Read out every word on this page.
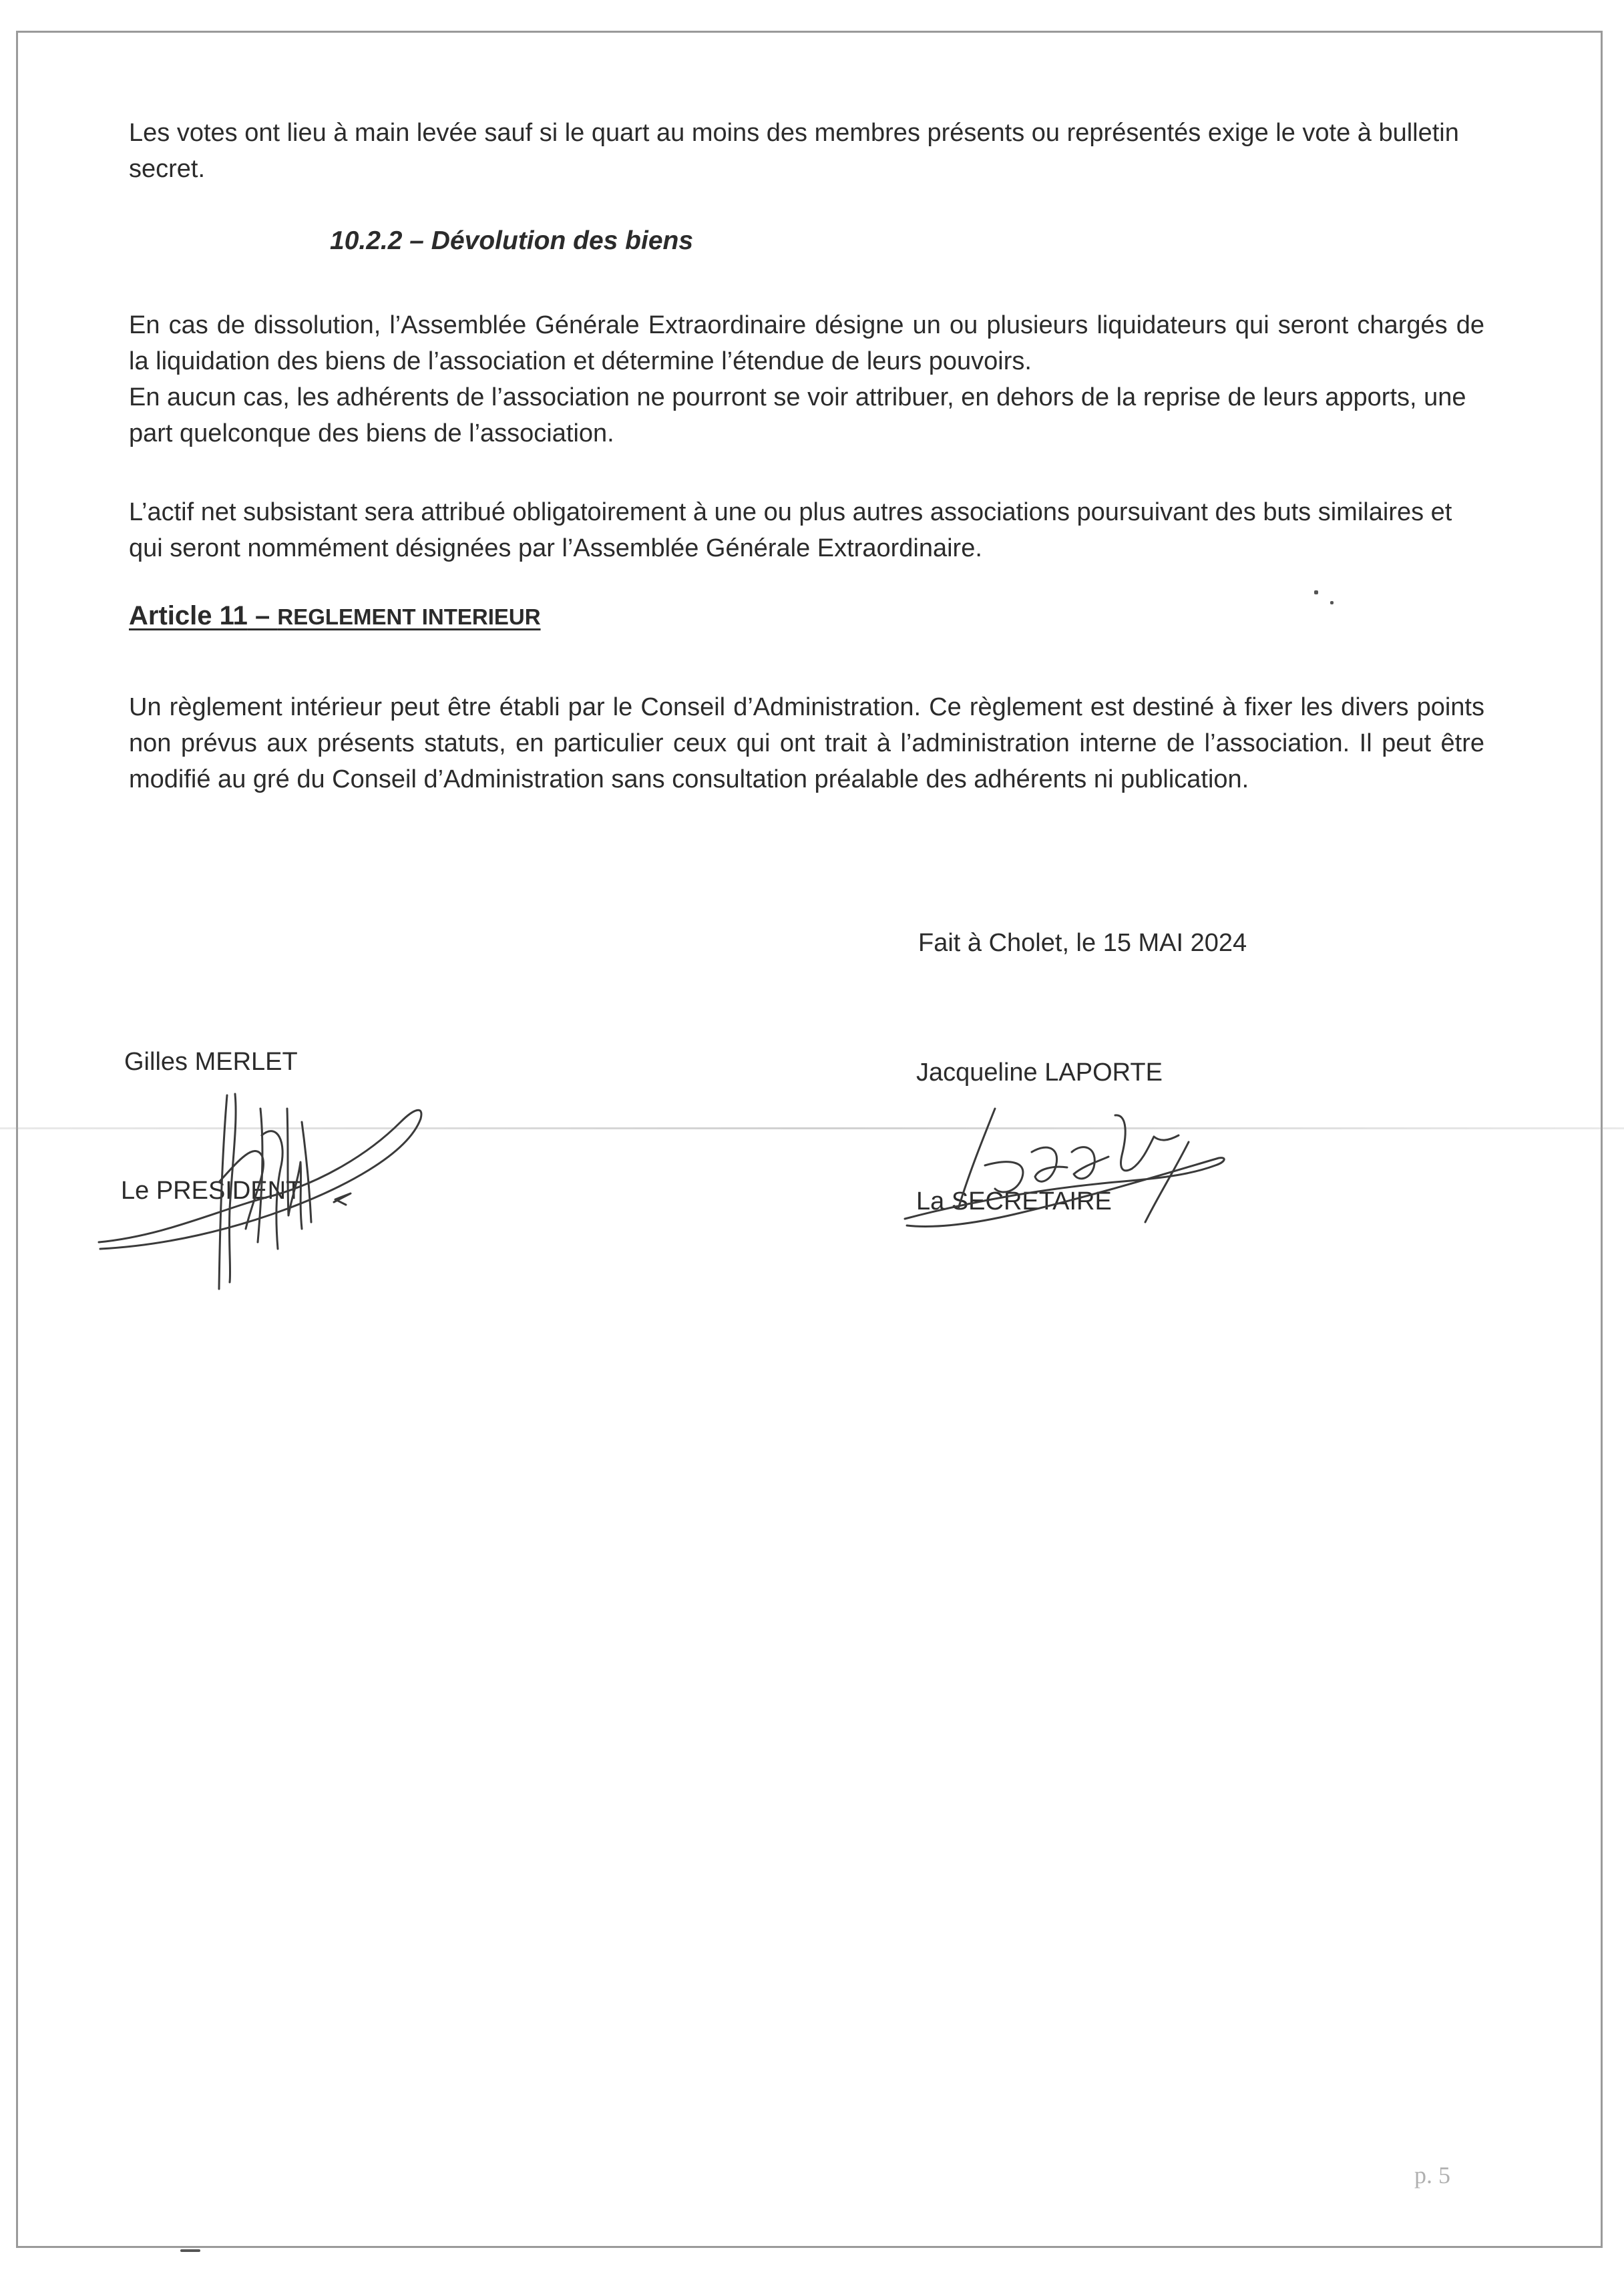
Les votes ont lieu à main levée sauf si le quart au moins des membres présents ou représentés exige le vote à bulletin secret.
10.2.2 – Dévolution des biens
En cas de dissolution, l’Assemblée Générale Extraordinaire désigne un ou plusieurs liquidateurs qui seront chargés de la liquidation des biens de l’association et détermine l’étendue de leurs pouvoirs.
En aucun cas, les adhérents de l’association ne pourront se voir attribuer, en dehors de la reprise de leurs apports, une part quelconque des biens de l’association.
L’actif net subsistant sera attribué obligatoirement à une ou plus autres associations poursuivant des buts similaires et qui seront nommément désignées par l’Assemblée Générale Extraordinaire.
Article 11 – REGLEMENT INTERIEUR
Un règlement intérieur peut être établi par le Conseil d’Administration. Ce règlement est destiné à fixer les divers points non prévus aux présents statuts, en particulier ceux qui ont trait à l’administration interne de l’association. Il peut être modifié au gré du Conseil d’Administration sans consultation préalable des adhérents ni publication.
Fait à Cholet, le 15 MAI 2024
Gilles MERLET
Le PRESIDENT
Jacqueline LAPORTE
La SECRETAIRE
p. 5
